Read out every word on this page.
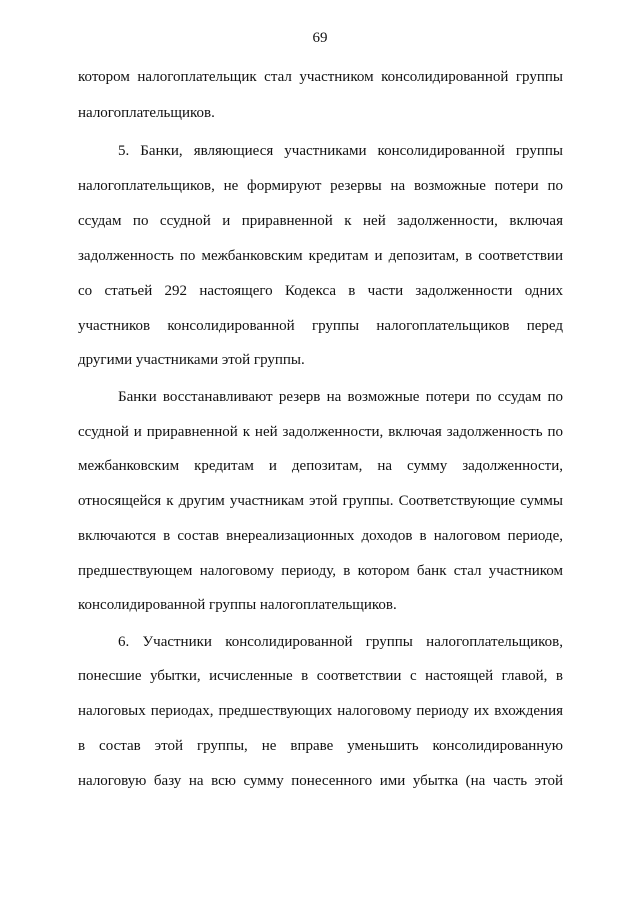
69
котором налогоплательщик стал участником консолидированной группы
налогоплательщиков.
5. Банки, являющиеся участниками консолидированной группы
налогоплательщиков, не формируют резервы на возможные потери по
ссудам по ссудной и приравненной к ней задолженности, включая
задолженность по межбанковским кредитам и депозитам, в соответствии
со статьей 292 настоящего Кодекса в части задолженности одних
участников консолидированной группы налогоплательщиков перед
другими участниками этой группы.
Банки восстанавливают резерв на возможные потери по ссудам по
ссудной и приравненной к ней задолженности, включая задолженность по
межбанковским кредитам и депозитам, на сумму задолженности,
относящейся к другим участникам этой группы. Соответствующие суммы
включаются в состав внереализационных доходов в налоговом периоде,
предшествующем налоговому периоду, в котором банк стал участником
консолидированной группы налогоплательщиков.
6. Участники консолидированной группы налогоплательщиков,
понесшие убытки, исчисленные в соответствии с настоящей главой, в
налоговых периодах, предшествующих налоговому периоду их вхождения
в состав этой группы, не вправе уменьшить консолидированную
налоговую базу на всю сумму понесенного ими убытка (на часть этой
